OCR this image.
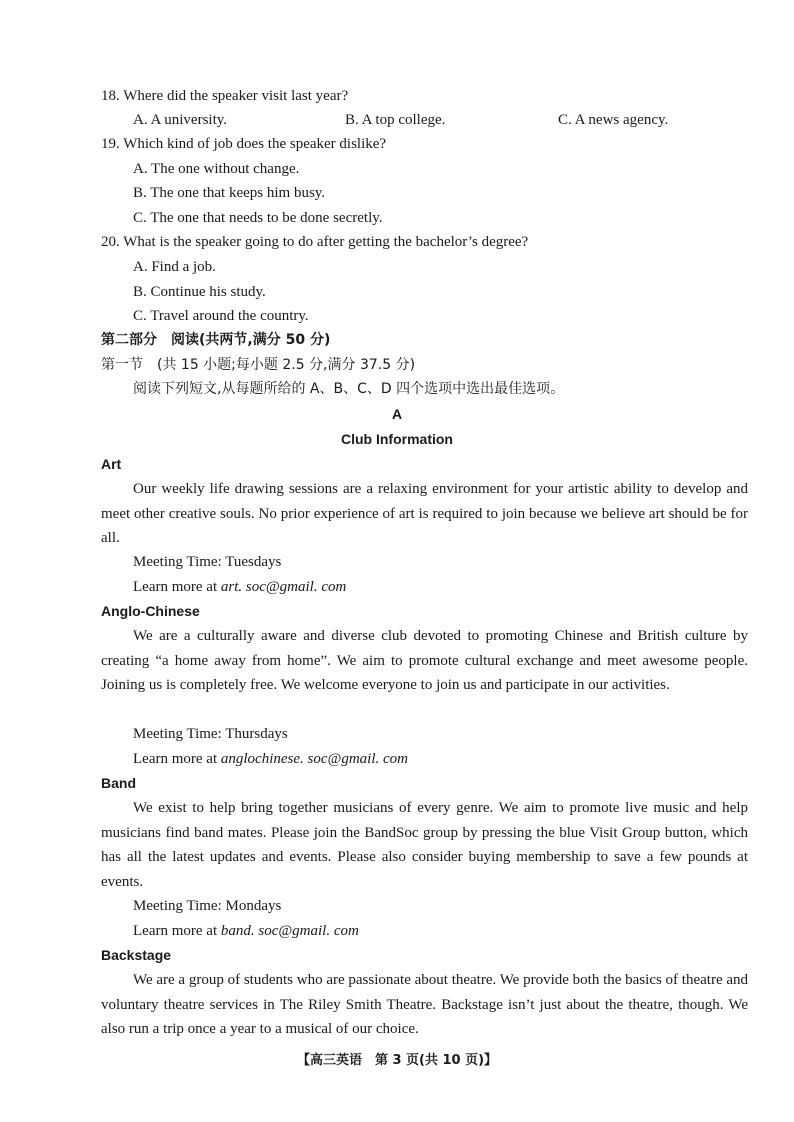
18. Where did the speaker visit last year?
A. A university.	B. A top college.	C. A news agency.
19. Which kind of job does the speaker dislike?
A. The one without change.
B. The one that keeps him busy.
C. The one that needs to be done secretly.
20. What is the speaker going to do after getting the bachelor’s degree?
A. Find a job.
B. Continue his study.
C. Travel around the country.
第二部分　阅读(共两节,满分 50 分)
第一节　(共 15 小题;每小题 2.5 分,满分 37.5 分)
阅读下列短文,从每题所给的 A、B、C、D 四个选项中选出最佳选项。
A
Club Information
Art
Our weekly life drawing sessions are a relaxing environment for your artistic ability to develop and meet other creative souls. No prior experience of art is required to join because we believe art should be for all.
Meeting Time: Tuesdays
Learn more at art. soc@gmail. com
Anglo-Chinese
We are a culturally aware and diverse club devoted to promoting Chinese and British culture by creating “a home away from home”. We aim to promote cultural exchange and meet awesome people. Joining us is completely free. We welcome everyone to join us and participate in our activities.
Meeting Time: Thursdays
Learn more at anglochinese. soc@gmail. com
Band
We exist to help bring together musicians of every genre. We aim to promote live music and help musicians find band mates. Please join the BandSoc group by pressing the blue Visit Group button, which has all the latest updates and events. Please also consider buying membership to save a few pounds at events.
Meeting Time: Mondays
Learn more at band. soc@gmail. com
Backstage
We are a group of students who are passionate about theatre. We provide both the basics of theatre and voluntary theatre services in The Riley Smith Theatre. Backstage isn’t just about the theatre, though. We also run a trip once a year to a musical of our choice.
【高三英语　第 3 页(共 10 页)】
